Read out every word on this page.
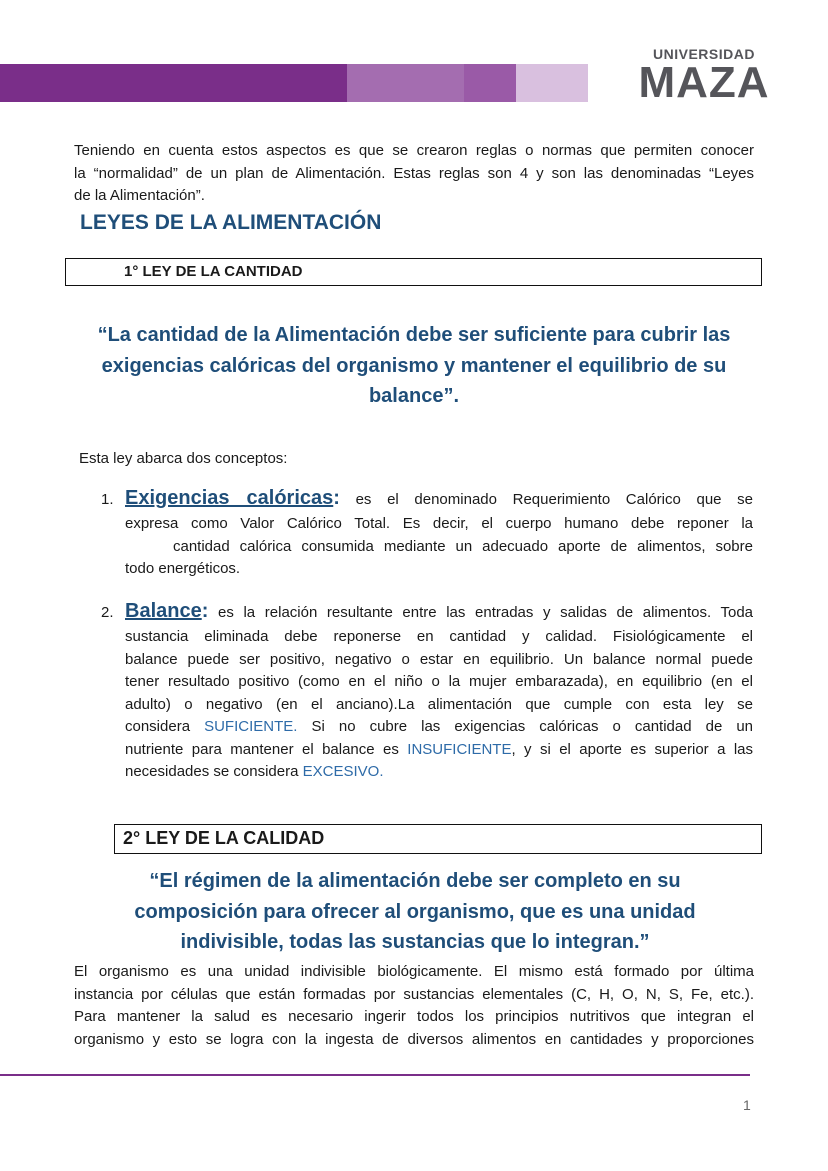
UNIVERSIDAD
MAZA
Teniendo en cuenta estos aspectos es que se crearon reglas o normas que permiten conocer
la “normalidad” de un plan de Alimentación. Estas reglas son 4 y son las denominadas “Leyes
de la Alimentación”.
LEYES DE LA ALIMENTACIÓN
1° LEY DE LA CANTIDAD
“La cantidad de la Alimentación debe ser suficiente para cubrir las
exigencias calóricas del organismo y mantener el equilibrio de su
balance”.
Esta ley abarca dos conceptos:
1. Exigencias calóricas: es el denominado Requerimiento Calórico que se
expresa como Valor Calórico Total. Es decir, el cuerpo humano debe reponer la
cantidad calórica consumida mediante un adecuado aporte de alimentos, sobre
todo energéticos.
2. Balance: es la relación resultante entre las entradas y salidas de alimentos. Toda
sustancia eliminada debe reponerse en cantidad y calidad. Fisiológicamente el
balance puede ser positivo, negativo o estar en equilibrio. Un balance normal puede
tener resultado positivo (como en el niño o la mujer embarazada), en equilibrio (en el
adulto) o negativo (en el anciano).La alimentación que cumple con esta ley se
considera SUFICIENTE. Si no cubre las exigencias calóricas o cantidad de un
nutriente para mantener el balance es INSUFICIENTE, y si el aporte es superior a las
necesidades se considera EXCESIVO.
2° LEY DE LA CALIDAD
“El régimen de la alimentación debe ser completo en su
composición para ofrecer al organismo, que es una unidad
indivisible, todas las sustancias que lo integran.”
El organismo es una unidad indivisible biológicamente. El mismo está formado por última
instancia por células que están formadas por sustancias elementales (C, H, O, N, S, Fe, etc.).
Para mantener la salud es necesario ingerir todos los principios nutritivos que integran el
organismo y esto se logra con la ingesta de diversos alimentos en cantidades y proporciones
1
